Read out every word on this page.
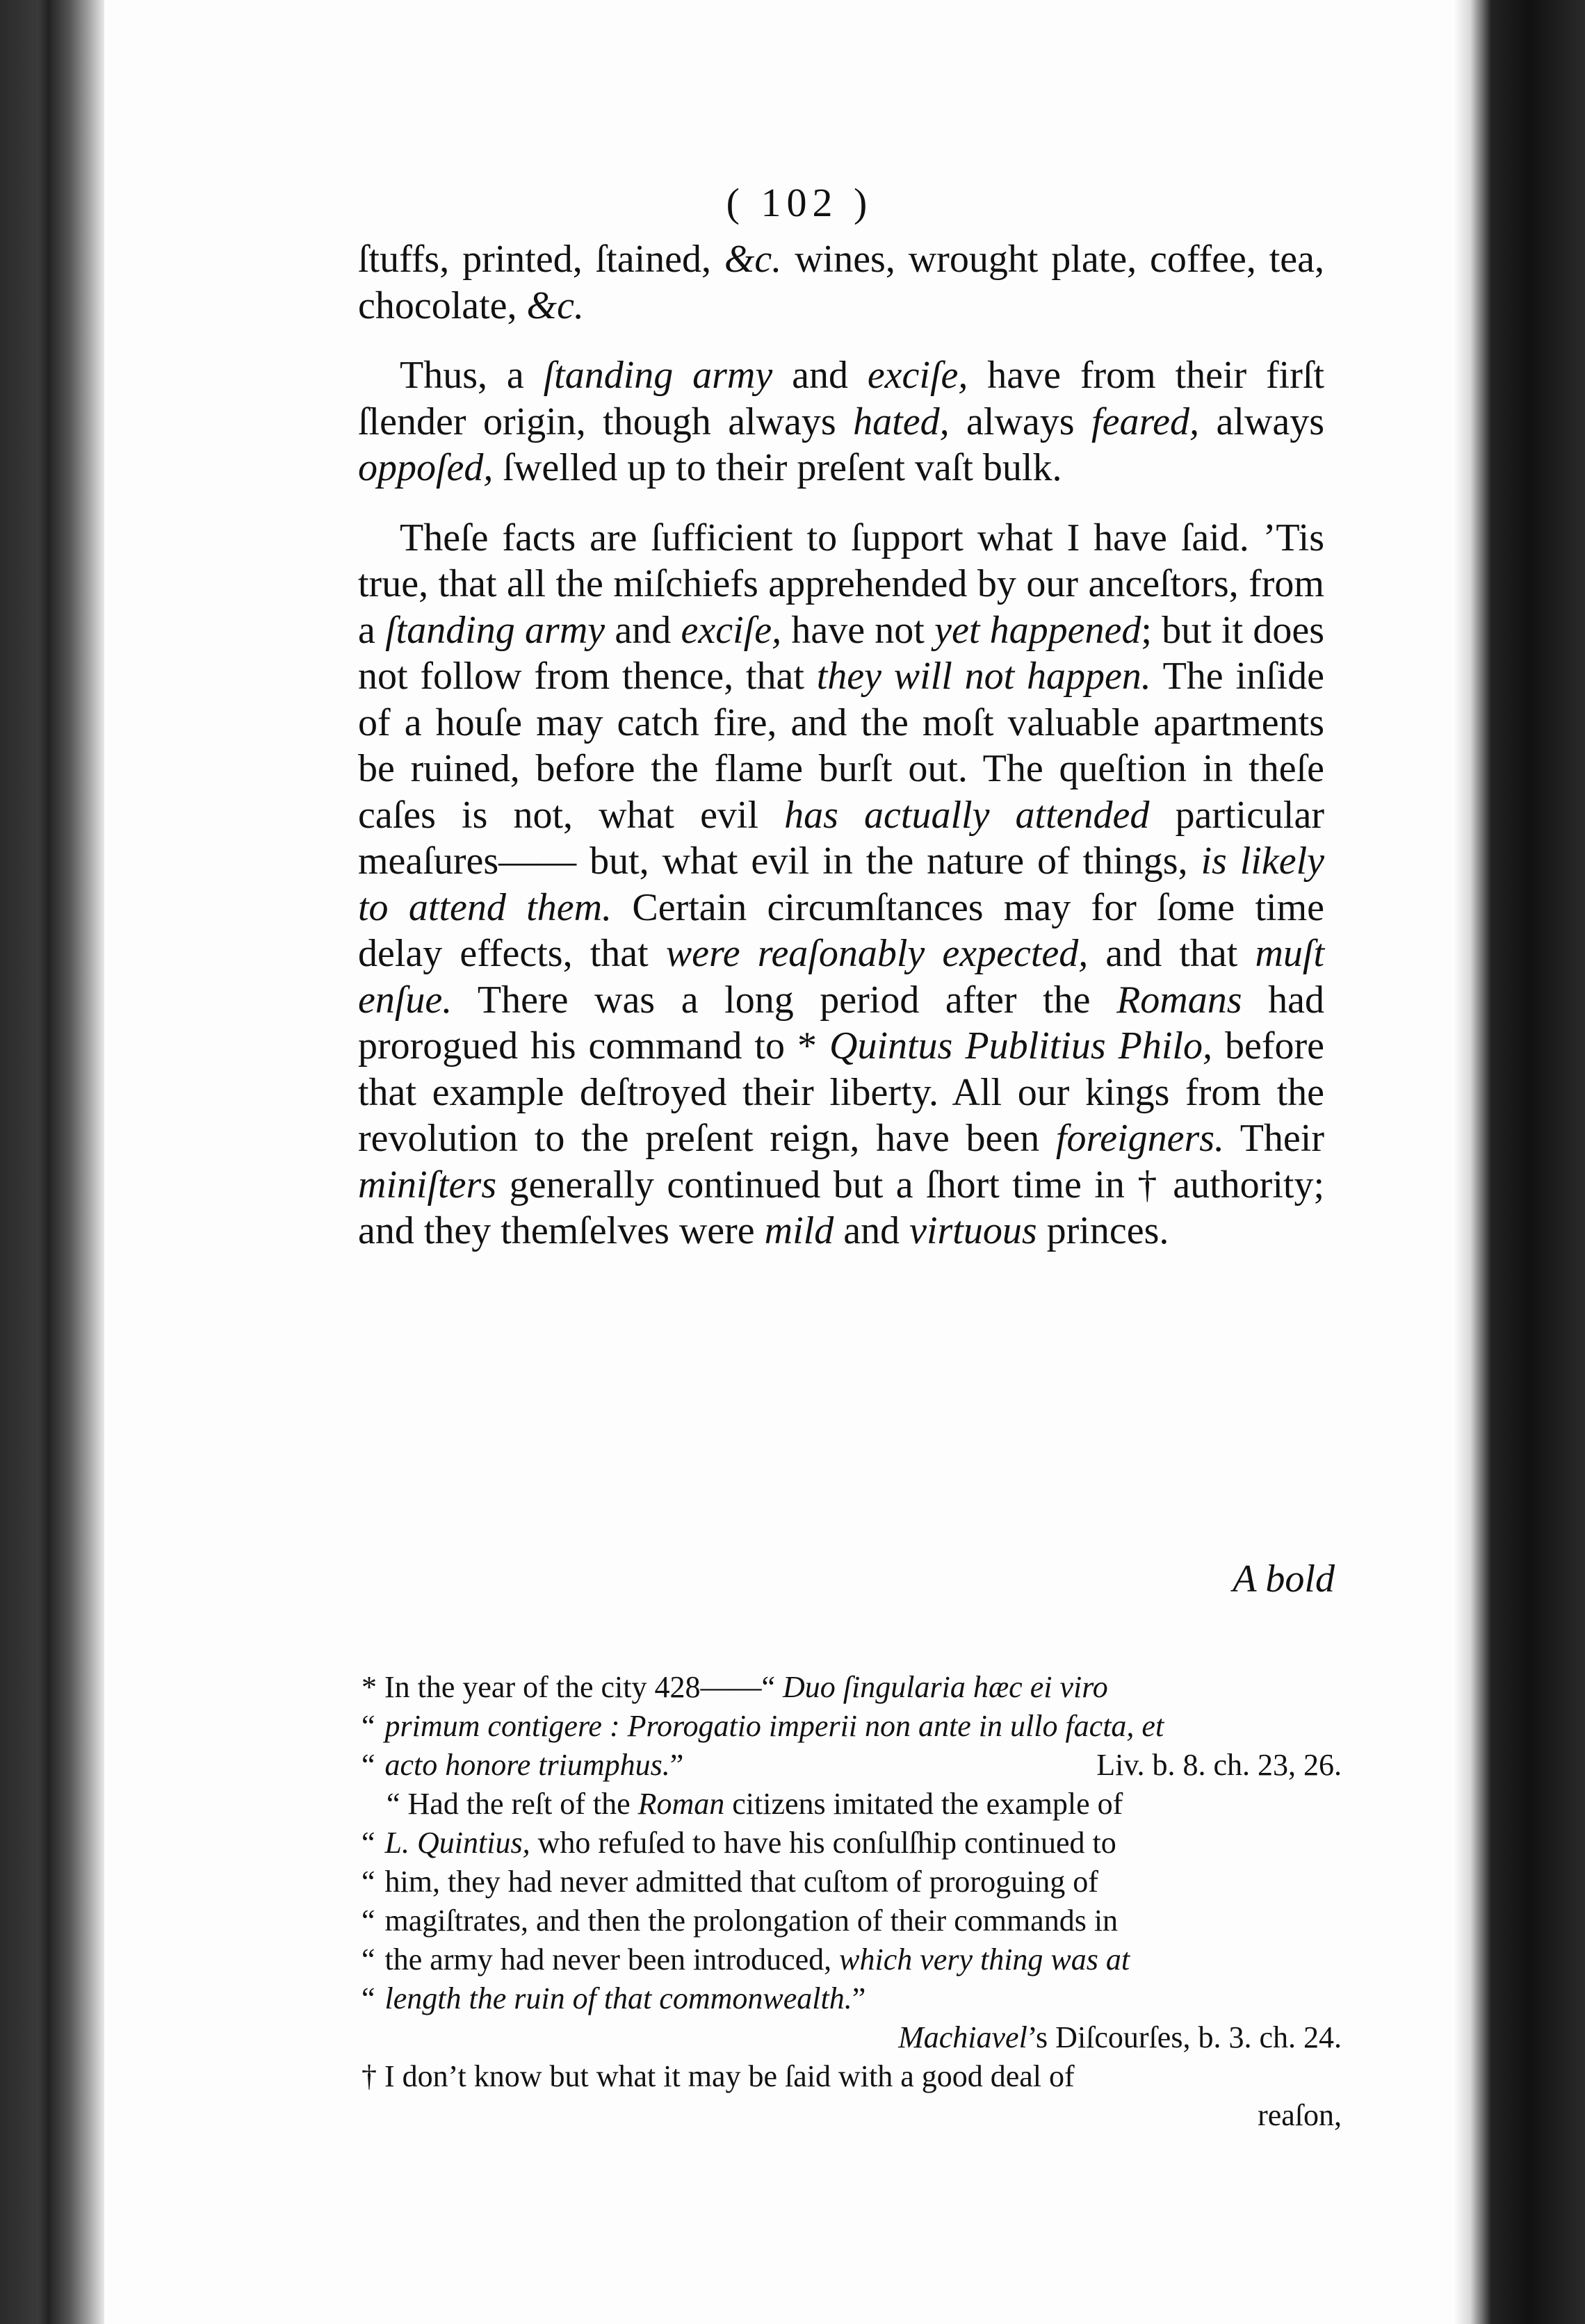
( 102 )

ſtuffs, printed, ſtained, &c. wines, wrought plate, coffee, tea, chocolate, &c.

Thus, a ſtanding army and exciſe, have from their firſt ſlender origin, though always hated, always feared, always oppoſed, ſwelled up to their preſent vaſt bulk.

Theſe facts are ſufficient to ſupport what I have ſaid. ’Tis true, that all the miſchiefs apprehended by our anceſtors, from a ſtanding army and exciſe, have not yet happened; but it does not follow from thence, that they will not happen. The inſide of a houſe may catch fire, and the moſt valuable apartments be ruined, before the flame burſt out. The queſtion in theſe caſes is not, what evil has actually attended particular meaſures—— but, what evil in the nature of things, is likely to attend them. Certain circumſtances may for ſome time delay effects, that were reaſonably expected, and that muſt enſue. There was a long period after the Romans had prorogued his command to * Quintus Publitius Philo, before that example deſtroyed their liberty. All our kings from the revolution to the preſent reign, have been foreigners. Their miniſters generally continued but a ſhort time in † authority; and they themſelves were mild and virtuous princes.

A bold
* In the year of the city 428——“ Duo ſingularia hæc ei viro
“ primum contigere : Prorogatio imperii non ante in ullo facta, et
“ acto honore triumphus.”	Liv. b. 8. ch. 23, 26.
“ Had the reſt of the Roman citizens imitated the example of
“ L. Quintius, who refuſed to have his conſulſhip continued to
“ him, they had never admitted that cuſtom of proroguing of
“ magiſtrates, and then the prolongation of their commands in
“ the army had never been introduced, which very thing was at
“ length the ruin of that commonwealth.”
Machiavel’s Diſcourſes, b. 3. ch. 24.
† I don’t know but what it may be ſaid with a good deal of
reaſon,
